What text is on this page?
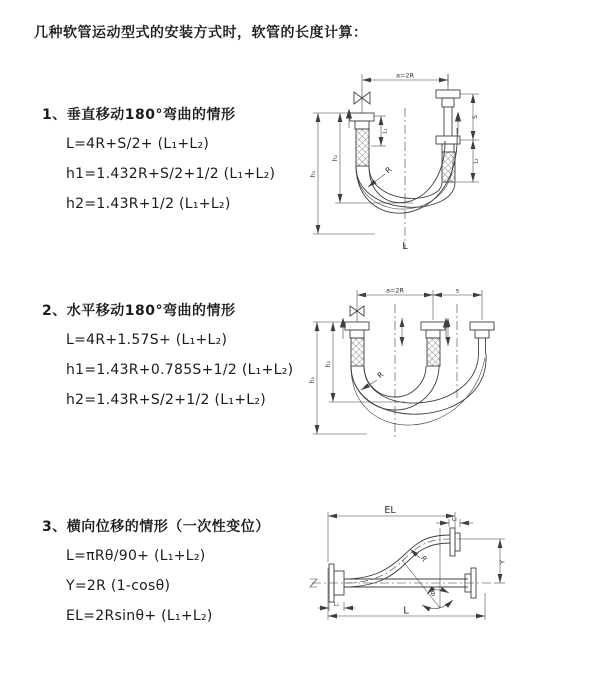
几种软管运动型式的安装方式时，软管的长度计算：
1、垂直移动180°弯曲的情形
L=4R+S/2+ (L₁+L₂)
h1=1.432R+S/2+1/2 (L₁+L₂)
h2=1.43R+1/2 (L₁+L₂)
a=2R
S
L₂
L₁
h₂
h₁	R
L
2、水平移动180°弯曲的情形
L=4R+1.57S+ (L₁+L₂)
h1=1.43R+0.785S+1/2 (L₁+L₂)
h2=1.43R+S/2+1/2 (L₁+L₂)
a=2R	s
h₂
h₁	R
3、横向位移的情形（一次性变位）
L=πRθ/90+ (L₁+L₂)
Y=2R (1-cosθ)
EL=2Rsinθ+ (L₁+L₂)
EL
L₂
Y
L
L₁
R
θ
